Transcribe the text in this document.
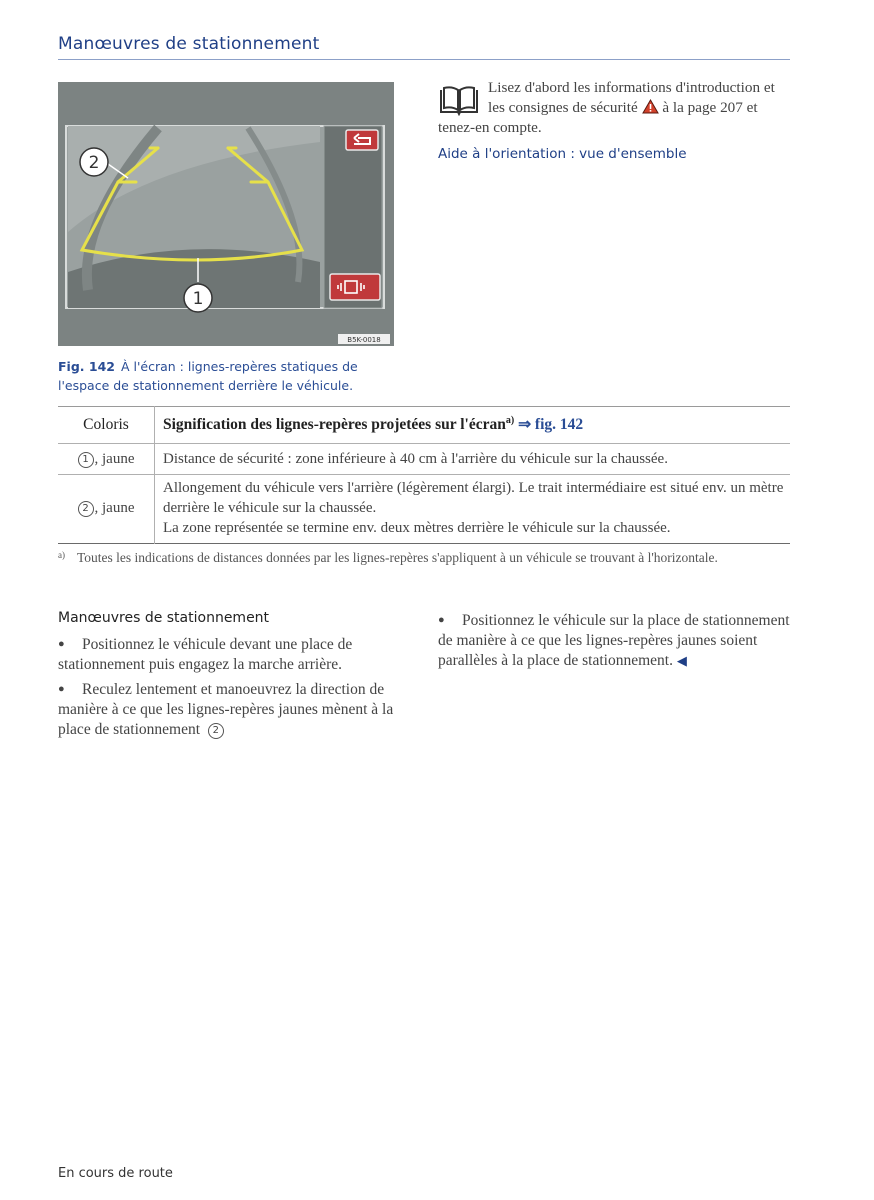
Manœuvres de stationnement
2
1
B5K-0018
Fig. 142 À l'écran : lignes-repères statiques de l'espace de stationnement derrière le véhicule.
Lisez d'abord les informations d'introduction et les consignes de sécurité à la page 207 et tenez-en compte.
Aide à l'orientation : vue d'ensemble
Coloris	Signification des lignes-repères projetées sur l'écran$^{a)}$ ⇒ fig. 142
1 , jaune	Distance de sécurité : zone inférieure à 40 cm à l'arrière du véhicule sur la chaussée.
2 , jaune	Allongement du véhicule vers l'arrière (légèrement élargi). Le trait intermédiaire est situé env. un mètre derrière le véhicule sur la chaussée.
La zone représentée se termine env. deux mètres derrière le véhicule sur la chaussée.
$^{a)}$ Toutes les indications de distances données par les lignes-repères s'appliquent à un véhicule se trouvant à l'horizontale.
Manœuvres de stationnement

● Positionnez le véhicule devant une place de stationnement puis engagez la marche arrière.

● Reculez lentement et manoeuvrez la direction de manière à ce que les lignes-repères jaunes mènent à la place de stationnement 2

● Positionnez le véhicule sur la place de stationnement de manière à ce que les lignes-repères jaunes soient parallèles à la place de stationnement. ◀

En cours de route
